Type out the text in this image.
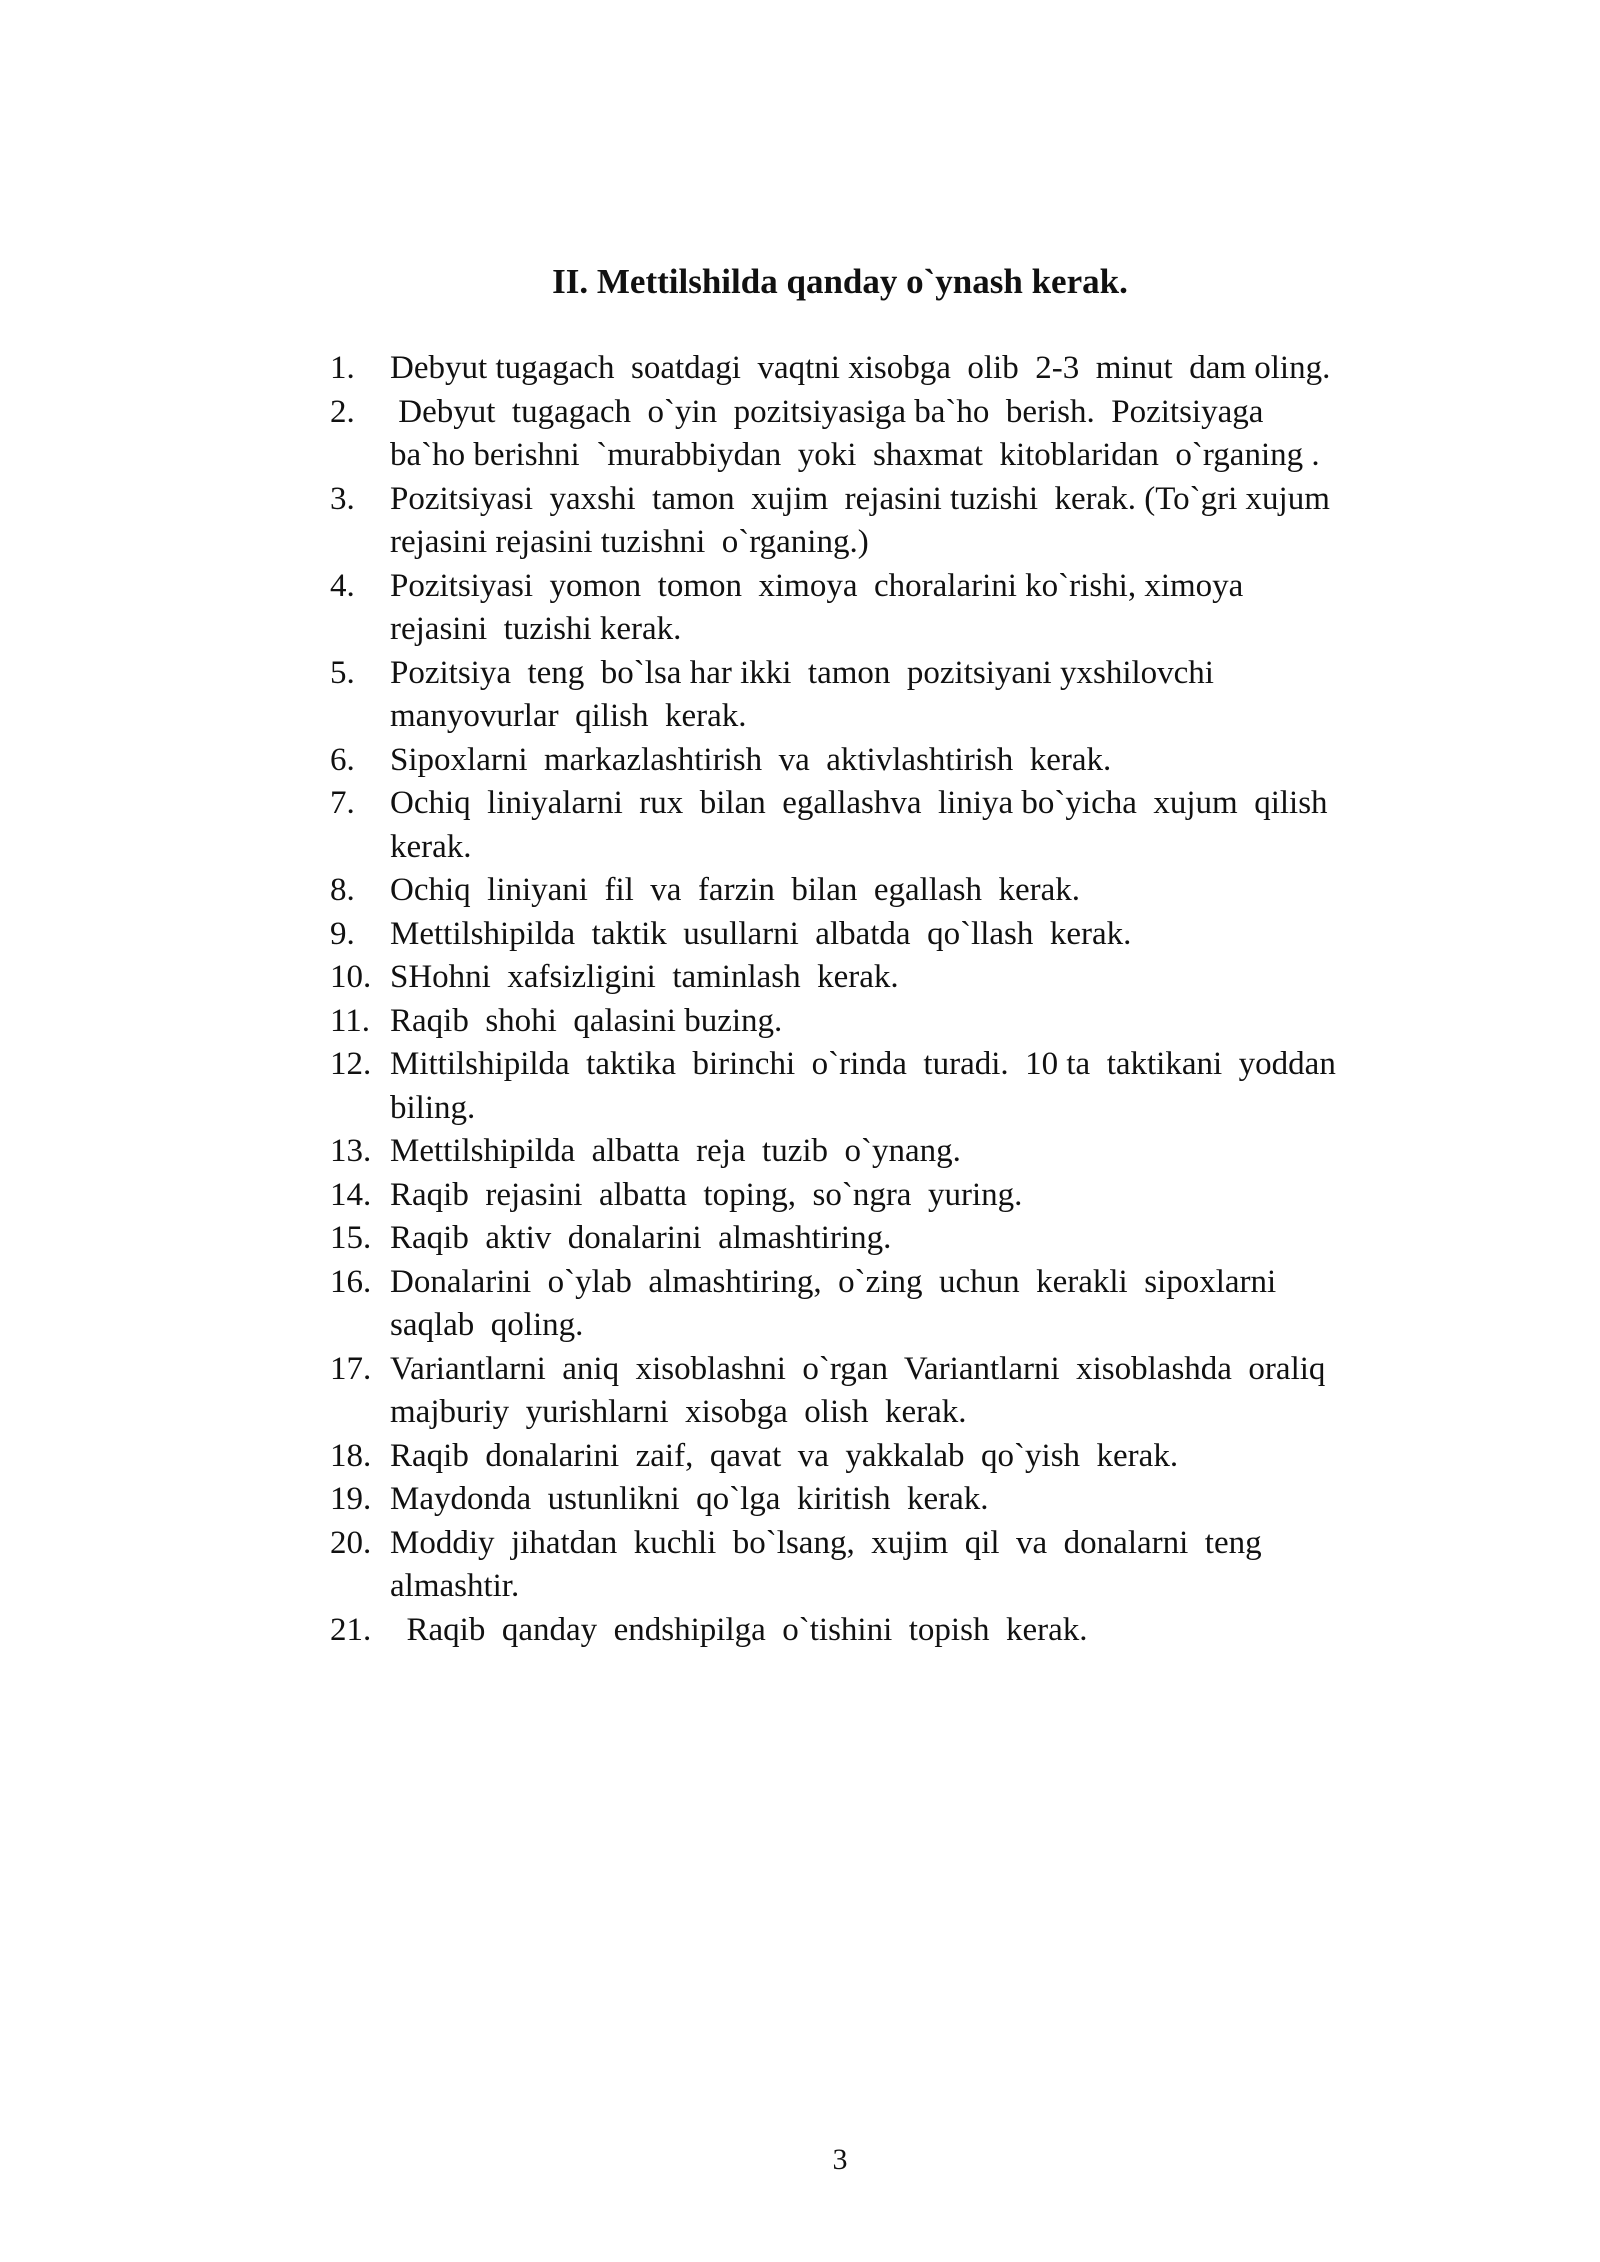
II. Mettilshilda qanday o`ynash kerak.
1.	Debyut tugagach  soatdagi  vaqtni xisobga  olib  2-3  minut  dam oling.
2.	Debyut  tugagach  o`yin  pozitsiyasiga ba`ho  berish.  Pozitsiyaga
ba`ho berishni  `murabbiydan  yoki  shaxmat  kitoblaridan  o`rganing .
3.	Pozitsiyasi  yaxshi  tamon  xujim  rejasini tuzishi  kerak. (To`gri xujum
rejasini rejasini tuzishni  o`rganing.)
4.	Pozitsiyasi  yomon  tomon  ximoya  choralarini ko`rishi, ximoya
rejasini  tuzishi kerak.
5.	Pozitsiya  teng  bo`lsa har ikki  tamon  pozitsiyani yxshilovchi
manyovurlar  qilish  kerak.
6.	Sipoxlarni  markazlashtirish  va  aktivlashtirish  kerak.
7.	Ochiq  liniyalarni  rux  bilan  egallashva  liniya bo`yicha  xujum  qilish
kerak.
8.	Ochiq  liniyani  fil  va  farzin  bilan  egallash  kerak.
9.	Mettilshipilda  taktik  usullarni  albatda  qo`llash  kerak.
10. SHohni  xafsizligini  taminlash  kerak.
11. Raqib  shohi  qalasini buzing.
12. Mittilshipilda  taktika  birinchi  o`rinda  turadi.  10 ta  taktikani  yoddan
biling.
13. Mettilshipilda  albatta  reja  tuzib  o`ynang.
14. Raqib  rejasini  albatta  toping,  so`ngra  yuring.
15. Raqib  aktiv  donalarini  almashtiring.
16. Donalarini  o`ylab  almashtiring,  o`zing  uchun  kerakli  sipoxlarni
saqlab  qoling.
17. Variantlarni  aniq  xisoblashni  o`rgan  Variantlarni  xisoblashda  oraliq
majburiy  yurishlarni  xisobga  olish  kerak.
18. Raqib  donalarini  zaif,  qavat  va  yakkalab  qo`yish  kerak.
19. Maydonda  ustunlikni  qo`lga  kiritish  kerak.
20. Moddiy  jihatdan  kuchli  bo`lsang,  xujim  qil  va  donalarni  teng
almashtir.
21. Raqib  qanday  endshipilga  o`tishini  topish  kerak.
3
